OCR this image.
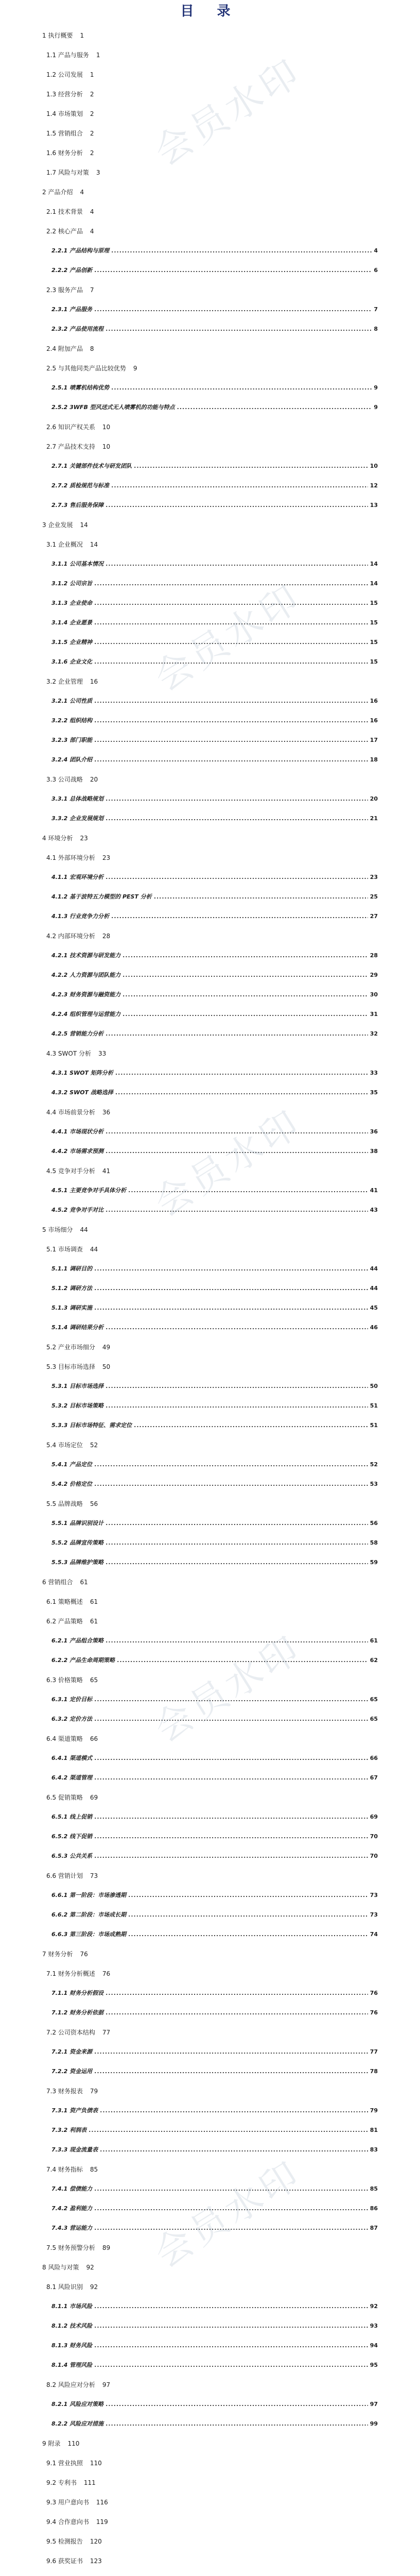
目 录
1 执行概要 1
1.1 产品与服务 1
1.2 公司发展 1
1.3 经营分析 2
1.4 市场策划 2
1.5 营销组合 2
1.6 财务分析 2
1.7 风险与对策 3
2 产品介绍 4
2.1 技术背景 4
2.2 核心产品 4
2.2.1 产品结构与原理 .....	4
2.2.2 产品创新 .....	6
2.3 服务产品 7
2.3.1 产品服务 .....	7
2.3.2 产品使用流程 .....	8
2.4 附加产品 8
2.5 与其他同类产品比较优势 9
2.5.1 喷雾机结构优势 .....	9
2.5.2 3WFB 型风送式无人喷雾机的功能与特点 .....	9
2.6 知识产权关系 10
2.7 产品技术支持 10
2.7.1 关键部件技术与研发团队 .....	10
2.7.2 质检规范与标准 .....	12
2.7.3 售后服务保障 .....	13
3 企业发展 14
3.1 企业概况 14
3.1.1 公司基本情况 .....	14
3.1.2 公司宗旨 .....	14
3.1.3 企业使命 .....	15
3.1.4 企业愿景 .....	15
3.1.5 企业精神 .....	15
3.1.6 企业文化 .....	15
3.2 企业管理 16
3.2.1 公司性质 .....	16
3.2.2 组织结构 .....	16
3.2.3 部门职能 .....	17
3.2.4 团队介绍 .....	18
3.3 公司战略 20
3.3.1 总体战略规划 .....	20
3.3.2 企业发展规划 .....	21
4 环境分析 23
4.1 外部环境分析 23
4.1.1 宏观环境分析 .....	23
4.1.2 基于波特五力模型的 PEST 分析 .....	25
4.1.3 行业竞争力分析 .....	27
4.2 内部环境分析 28
4.2.1 技术资源与研发能力 .....	28
4.2.2 人力资源与团队能力 .....	29
4.2.3 财务资源与融资能力 .....	30
4.2.4 组织管理与运营能力 .....	31
4.2.5 营销能力分析 .....	32
4.3 SWOT 分析 33
4.3.1 SWOT 矩阵分析 .....	33
4.3.2 SWOT 战略选择 .....	35
4.4 市场前景分析 36
4.4.1 市场现状分析 .....	36
4.4.2 市场需求预测 .....	38
4.5 竞争对手分析 41
4.5.1 主要竞争对手具体分析 .....	41
4.5.2 竞争对手对比 .....	43
5 市场细分 44
5.1 市场调查 44
5.1.1 调研目的 .....	44
5.1.2 调研方法 .....	44
5.1.3 调研实施 .....	45
5.1.4 调研结果分析 .....	46
5.2 产业市场细分 49
5.3 目标市场选择 50
5.3.1 目标市场选择 .....	50
5.3.2 目标市场策略 .....	51
5.3.3 目标市场特征、需求定位 .....	51
5.4 市场定位 52
5.4.1 产品定位 .....	52
5.4.2 价格定位 .....	53
5.5 品牌战略 56
5.5.1 品牌识别设计 .....	56
5.5.2 品牌宣传策略 .....	58
5.5.3 品牌维护策略 .....	59
6 营销组合 61
6.1 策略概述 61
6.2 产品策略 61
6.2.1 产品组合策略 .....	61
6.2.2 产品生命周期策略 .....	62
6.3 价格策略 65
6.3.1 定价目标 .....	65
6.3.2 定价方法 .....	65
6.4 渠道策略 66
6.4.1 渠道模式 .....	66
6.4.2 渠道管理 .....	67
6.5 促销策略 69
6.5.1 线上促销 .....	69
6.5.2 线下促销 .....	70
6.5.3 公共关系 .....	70
6.6 营销计划 73
6.6.1 第一阶段：市场渗透期 .....	73
6.6.2 第二阶段：市场成长期 .....	73
6.6.3 第三阶段：市场成熟期 .....	74
7 财务分析 76
7.1 财务分析概述 76
7.1.1 财务分析假设 .....	76
7.1.2 财务分析依据 .....	76
7.2 公司资本结构 77
7.2.1 资金来源 .....	77
7.2.2 资金运用 .....	78
7.3 财务报表 79
7.3.1 资产负债表 .....	79
7.3.2 利润表 .....	81
7.3.3 现金流量表 .....	83
7.4 财务指标 85
7.4.1 偿债能力 .....	85
7.4.2 盈利能力 .....	86
7.4.3 营运能力 .....	87
7.5 财务预警分析 89
8 风险与对策 92
8.1 风险识别 92
8.1.1 市场风险 .....	92
8.1.2 技术风险 .....	93
8.1.3 财务风险 .....	94
8.1.4 管理风险 .....	95
8.2 风险应对分析 97
8.2.1 风险应对策略 .....	97
8.2.2 风险应对措施 .....	99
9 附录 110
9.1 营业执照 110
9.2 专利书 111
9.3 用户意向书 116
9.4 合作意向书 119
9.5 检测报告 120
9.6 获奖证书 123

会员水印
会员水印
会员水印
会员水印
会员水印
